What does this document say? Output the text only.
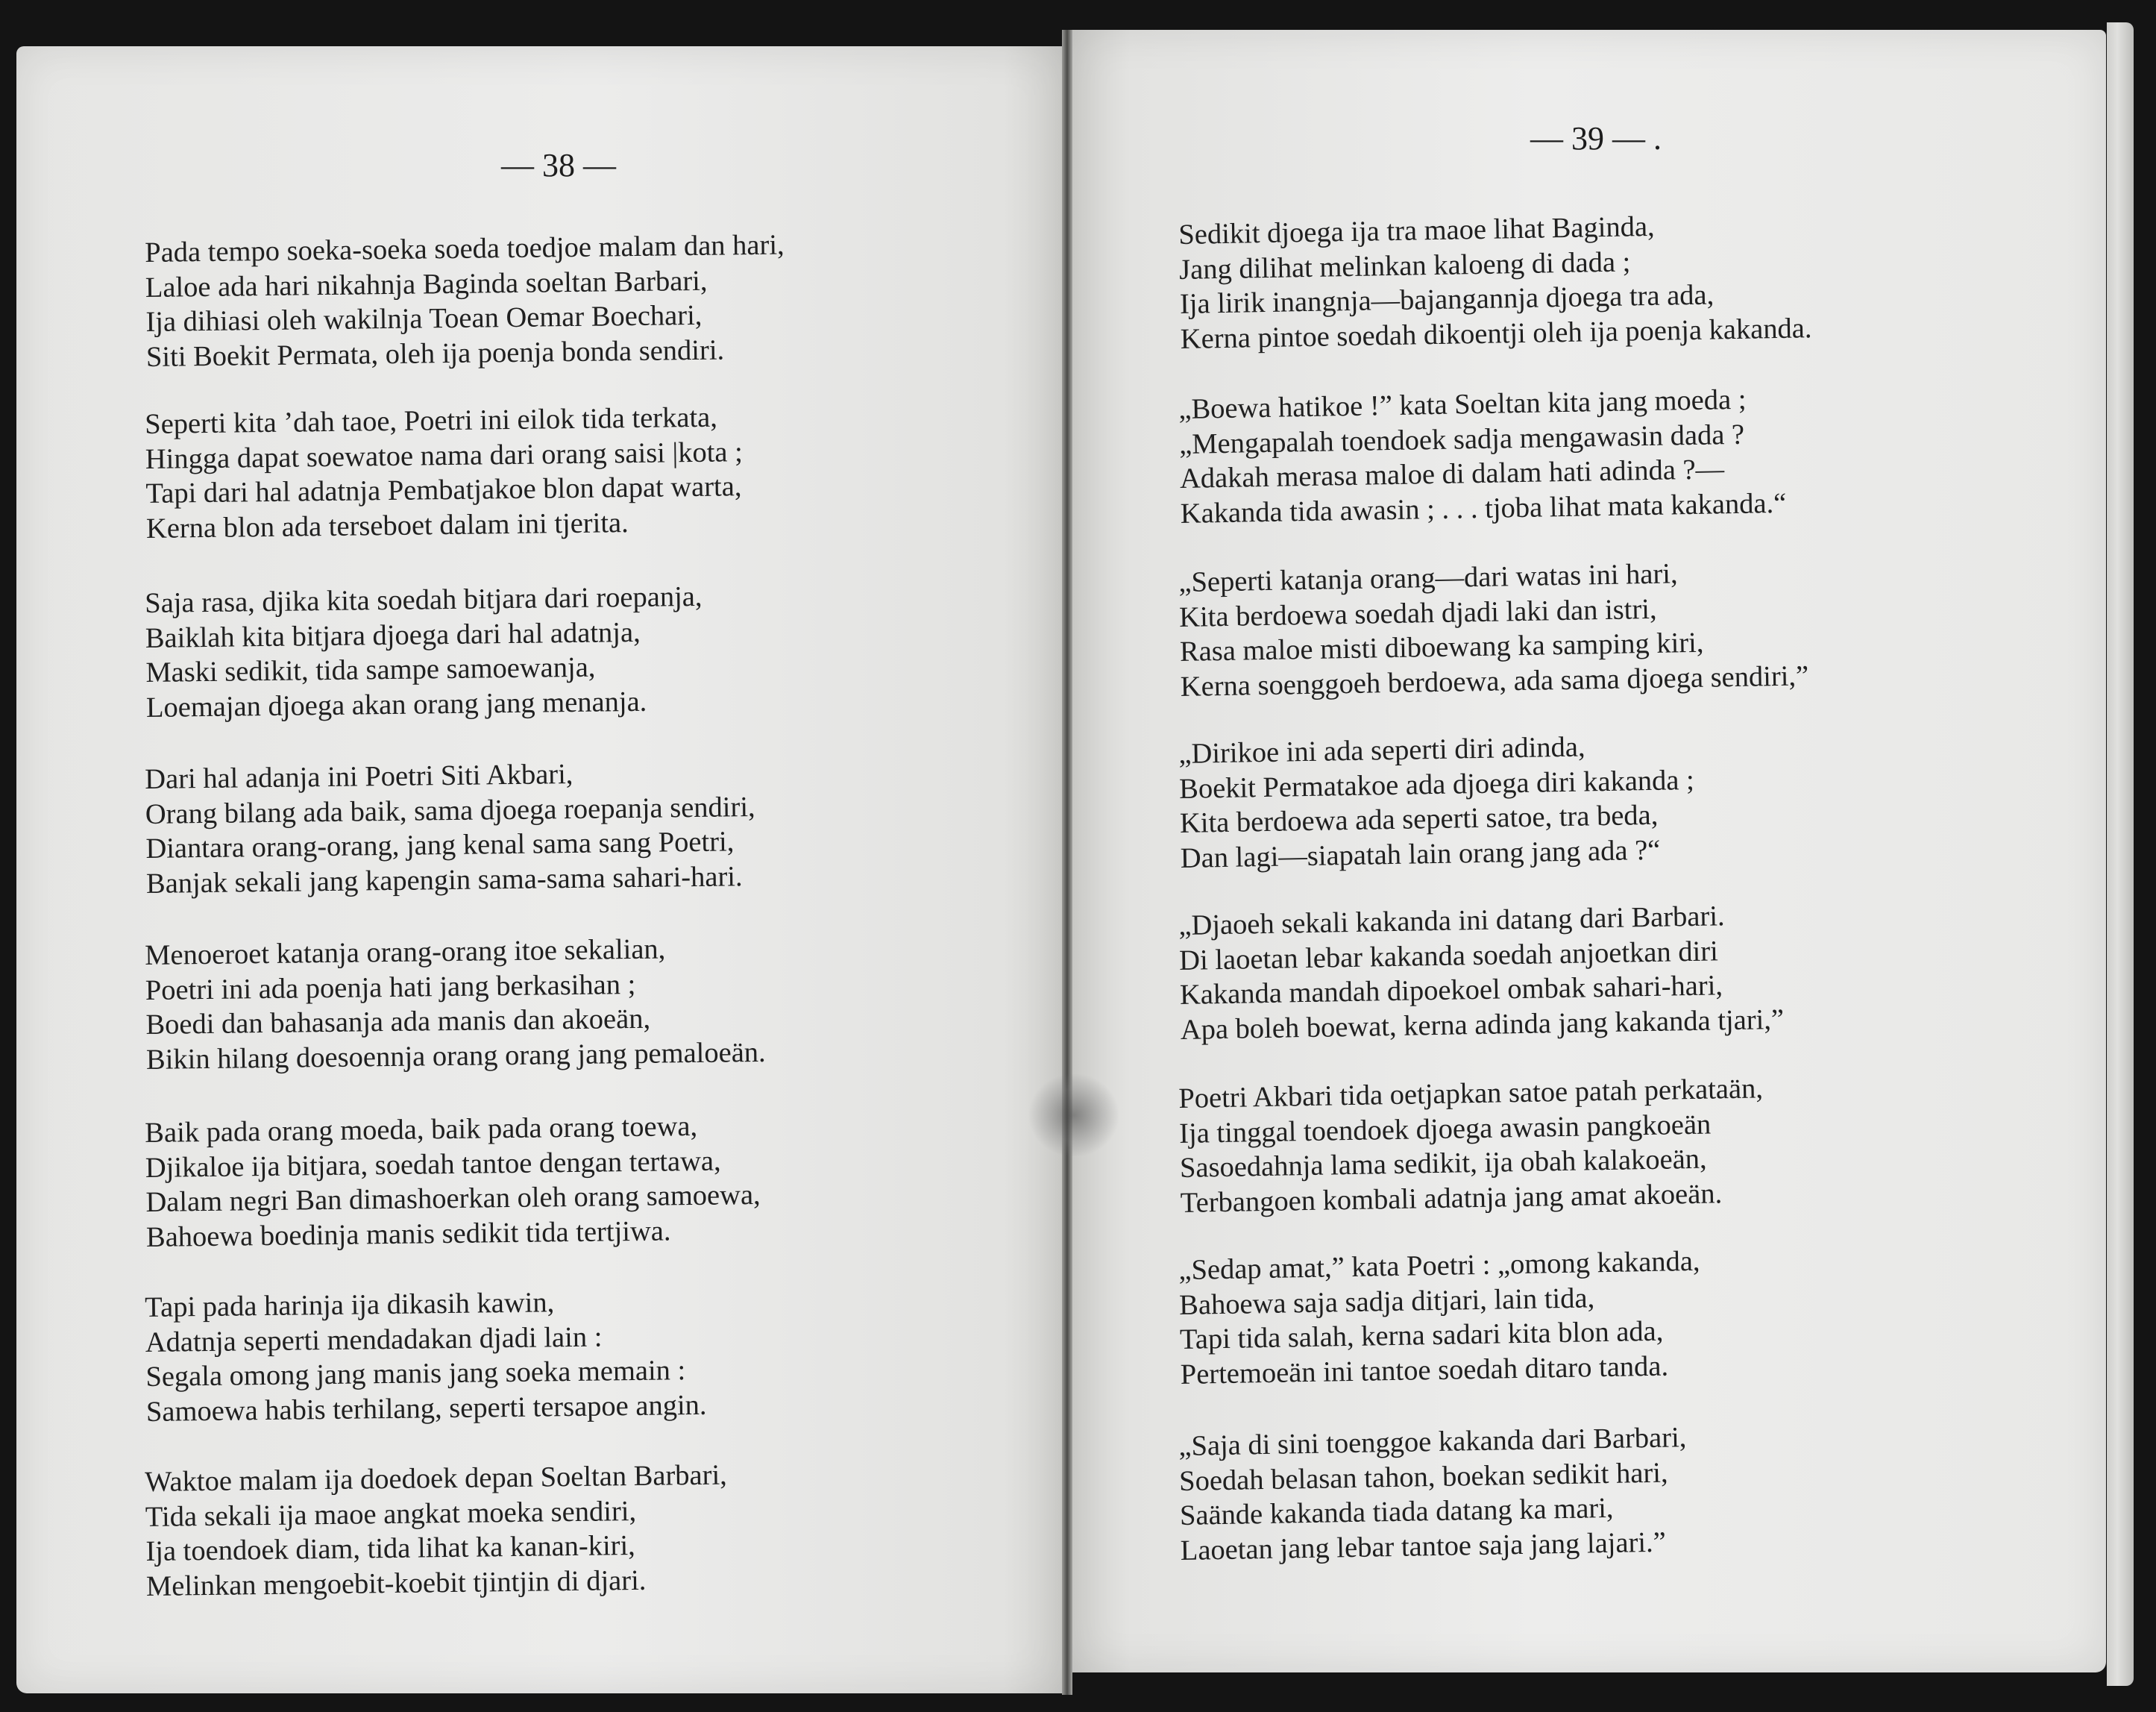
— 38 —
Pada tempo soeka-soeka soeda toedjoe malam dan hari,
Laloe ada hari nikahnja Baginda soeltan Barbari,
Ija dihiasi oleh wakilnja Toean Oemar Boechari,
Siti Boekit Permata, oleh ija poenja bonda sendiri.
Seperti kita ’dah taoe, Poetri ini eilok tida terkata,
Hingga dapat soewatoe nama dari orang saisi |kota ;
Tapi dari hal adatnja Pembatjakoe blon dapat warta,
Kerna blon ada terseboet dalam ini tjerita.
Saja rasa, djika kita soedah bitjara dari roepanja,
Baiklah kita bitjara djoega dari hal adatnja,
Maski sedikit, tida sampe samoewanja,
Loemajan djoega akan orang jang menanja.
Dari hal adanja ini Poetri Siti Akbari,
Orang bilang ada baik, sama djoega roepanja sendiri,
Diantara orang-orang, jang kenal sama sang Poetri,
Banjak sekali jang kapengin sama-sama sahari-hari.
Menoeroet katanja orang-orang itoe sekalian,
Poetri ini ada poenja hati jang berkasihan ;
Boedi dan bahasanja ada manis dan akoeän,
Bikin hilang doesoennja orang orang jang pemaloeän.
Baik pada orang moeda, baik pada orang toewa,
Djikaloe ija bitjara, soedah tantoe dengan tertawa,
Dalam negri Ban dimashoerkan oleh orang samoewa,
Bahoewa boedinja manis sedikit tida tertjiwa.
Tapi pada harinja ija dikasih kawin,
Adatnja seperti mendadakan djadi lain :
Segala omong jang manis jang soeka memain :
Samoewa habis terhilang, seperti tersapoe angin.
Waktoe malam ija doedoek depan Soeltan Barbari,
Tida sekali ija maoe angkat moeka sendiri,
Ija toendoek diam, tida lihat ka kanan-kiri,
Melinkan mengoebit-koebit tjintjin di djari.
— 39 — .
Sedikit djoega ija tra maoe lihat Baginda,
Jang dilihat melinkan kaloeng di dada ;
Ija lirik inangnja—bajangannja djoega tra ada,
Kerna pintoe soedah dikoentji oleh ija poenja kakanda.
„Boewa hatikoe !” kata Soeltan kita jang moeda ;
„Mengapalah toendoek sadja mengawasin dada ?
Adakah merasa maloe di dalam hati adinda ?—
Kakanda tida awasin ; . . . tjoba lihat mata kakanda.“
„Seperti katanja orang—dari watas ini hari,
Kita berdoewa soedah djadi laki dan istri,
Rasa maloe misti diboewang ka samping kiri,
Kerna soenggoeh berdoewa, ada sama djoega sendiri,”
„Dirikoe ini ada seperti diri adinda,
Boekit Permatakoe ada djoega diri kakanda ;
Kita berdoewa ada seperti satoe, tra beda,
Dan lagi—siapatah lain orang jang ada ?“
„Djaoeh sekali kakanda ini datang dari Barbari.
Di laoetan lebar kakanda soedah anjoetkan diri
Kakanda mandah dipoekoel ombak sahari-hari,
Apa boleh boewat, kerna adinda jang kakanda tjari,”
Poetri Akbari tida oetjapkan satoe patah perkataän,
Ija tinggal toendoek djoega awasin pangkoeän
Sasoedahnja lama sedikit, ija obah kalakoeän,
Terbangoen kombali adatnja jang amat akoeän.
„Sedap amat,” kata Poetri : „omong kakanda,
Bahoewa saja sadja ditjari, lain tida,
Tapi tida salah, kerna sadari kita blon ada,
Pertemoeän ini tantoe soedah ditaro tanda.
„Saja di sini toenggoe kakanda dari Barbari,
Soedah belasan tahon, boekan sedikit hari,
Saände kakanda tiada datang ka mari,
Laoetan jang lebar tantoe saja jang lajari.”
